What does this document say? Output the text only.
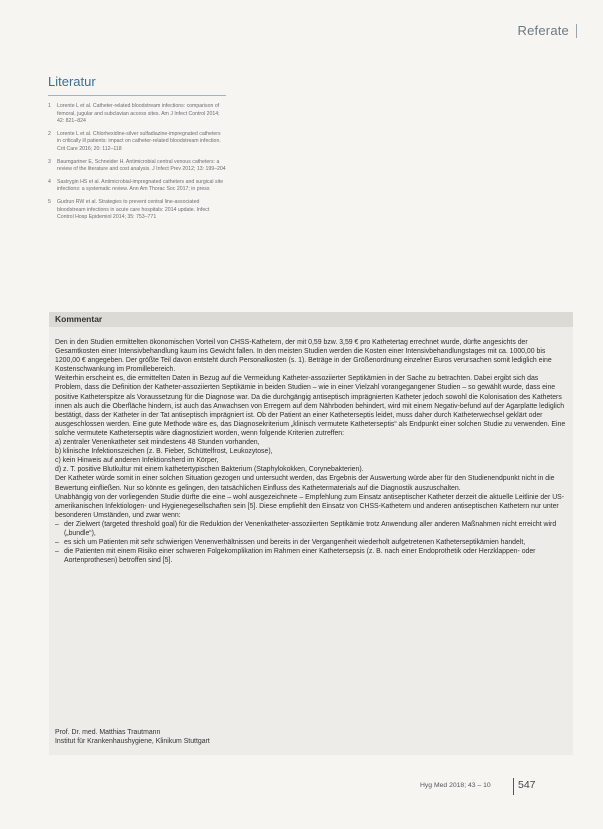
Referate
Literatur
1	Lorente L et al. Catheter-related bloodstream infections: comparison of femoral, jugular and subclavian access sites. Am J Infect Control 2014; 42: 821–824
2	Lorente L et al. Chlorhexidine-silver sulfadiazine-impregnated catheters in critically ill patients: impact on catheter-related bloodstream infection. Crit Care 2016; 20: 112–118
3	Baumgartner E, Schneider H. Antimicrobial central venous catheters: a review of the literature and cost analysis. J Infect Prev 2012; 13: 199–204
4	Sastrygin HS et al. Antimicrobial-impregnated catheters and surgical site infections: a systematic review. Ann Am Thorac Soc 2017; in press
5	Gudrun RW et al. Strategies to prevent central line-associated bloodstream infections in acute care hospitals: 2014 update. Infect Control Hosp Epidemiol 2014; 35: 753–771
Kommentar

Den in den Studien ermittelten ökonomischen Vorteil von CHSS-Kathetern, der mit 0,59 bzw. 3,59 € pro Kathetertag errechnet wurde, dürfte angesichts der Gesamtkosten einer Intensivbehandlung kaum ins Gewicht fallen. In den meisten Studien werden die Kosten einer Intensivbehandlungstages mit ca. 1000,00 bis 1200,00 € angegeben. Der größte Teil davon entsteht durch Personalkosten (s. 1). Beträge in der Größenordnung einzelner Euros verursachen somit lediglich eine Kostenschwankung im Promillebereich.

Weiterhin erscheint es, die ermittelten Daten in Bezug auf die Vermeidung Katheter-assoziierter Septikämien in der Sache zu betrachten. Dabei ergibt sich das Problem, dass die Definition der Katheter-assoziierten Septikämie in beiden Studien – wie in einer Vielzahl vorangegangener Studien – so gewählt wurde, dass eine positive Katheterspitze als Voraussetzung für die Diagnose war. Da die durchgängig antiseptisch imprägnierten Katheter jedoch sowohl die Kolonisation des Katheters innen als auch die Oberfläche hindern, ist auch das Anwachsen von Erregern auf dem Nährboden behindert, wird mit einem Negativ-befund auf der Agarplatte lediglich bestätigt, dass der Katheter in der Tat antiseptisch imprägniert ist. Ob der Patient an einer Katheterseptis leidet, muss daher durch Katheterwechsel geklärt oder ausgeschlossen werden. Eine gute Methode wäre es, das Diagnosekriterium „klinisch vermutete Katheterseptis“ als Endpunkt einer solchen Studie zu verwenden. Eine solche vermutete Katheterseptis wäre diagnostiziert worden, wenn folgende Kriterien zutreffen:

a) zentraler Venenkatheter seit mindestens 48 Stunden vorhanden,

b) klinische Infektionszeichen (z. B. Fieber, Schüttelfrost, Leukozytose),

c) kein Hinweis auf anderen Infektionsherd im Körper,

d) z. T. positive Blutkultur mit einem kathetertypischen Bakterium (Staphylokokken, Corynebakterien).

Der Katheter würde somit in einer solchen Situation gezogen und untersucht werden, das Ergebnis der Auswertung würde aber für den Studienendpunkt nicht in die Bewertung einfließen. Nur so könnte es gelingen, den tatsächlichen Einfluss des Kathetermaterials auf die Diagnostik auszuschalten.

Unabhängig von der vorliegenden Studie dürfte die eine – wohl ausgezeichnete – Empfehlung zum Einsatz antiseptischer Katheter derzeit die aktuelle Leitlinie der US-amerikanischen Infektiologen- und Hygienegesellschaften sein [5]. Diese empfiehlt den Einsatz von CHSS-Kathetern und anderen antiseptischen Kathetern nur unter besonderen Umständen, und zwar wenn:

– der Zielwert (targeted threshold goal) für die Reduktion der Venenkatheter-assoziierten Septikämie trotz Anwendung aller anderen Maßnahmen nicht erreicht wird („bundle“),
– es sich um Patienten mit sehr schwierigen Venenverhältnissen und bereits in der Vergangenheit wiederholt aufgetretenen Katheterseptikämien handelt,
– die Patienten mit einem Risiko einer schweren Folgekomplikation im Rahmen einer Kathetersepsis (z. B. nach einer Endoprothetik oder Herzklappen- oder Aortenprothesen) betroffen sind [5].
Prof. Dr. med. Matthias Trautmann
Institut für Krankenhaushygiene, Klinikum Stuttgart
Hyg Med 2018; 43 – 10	547
